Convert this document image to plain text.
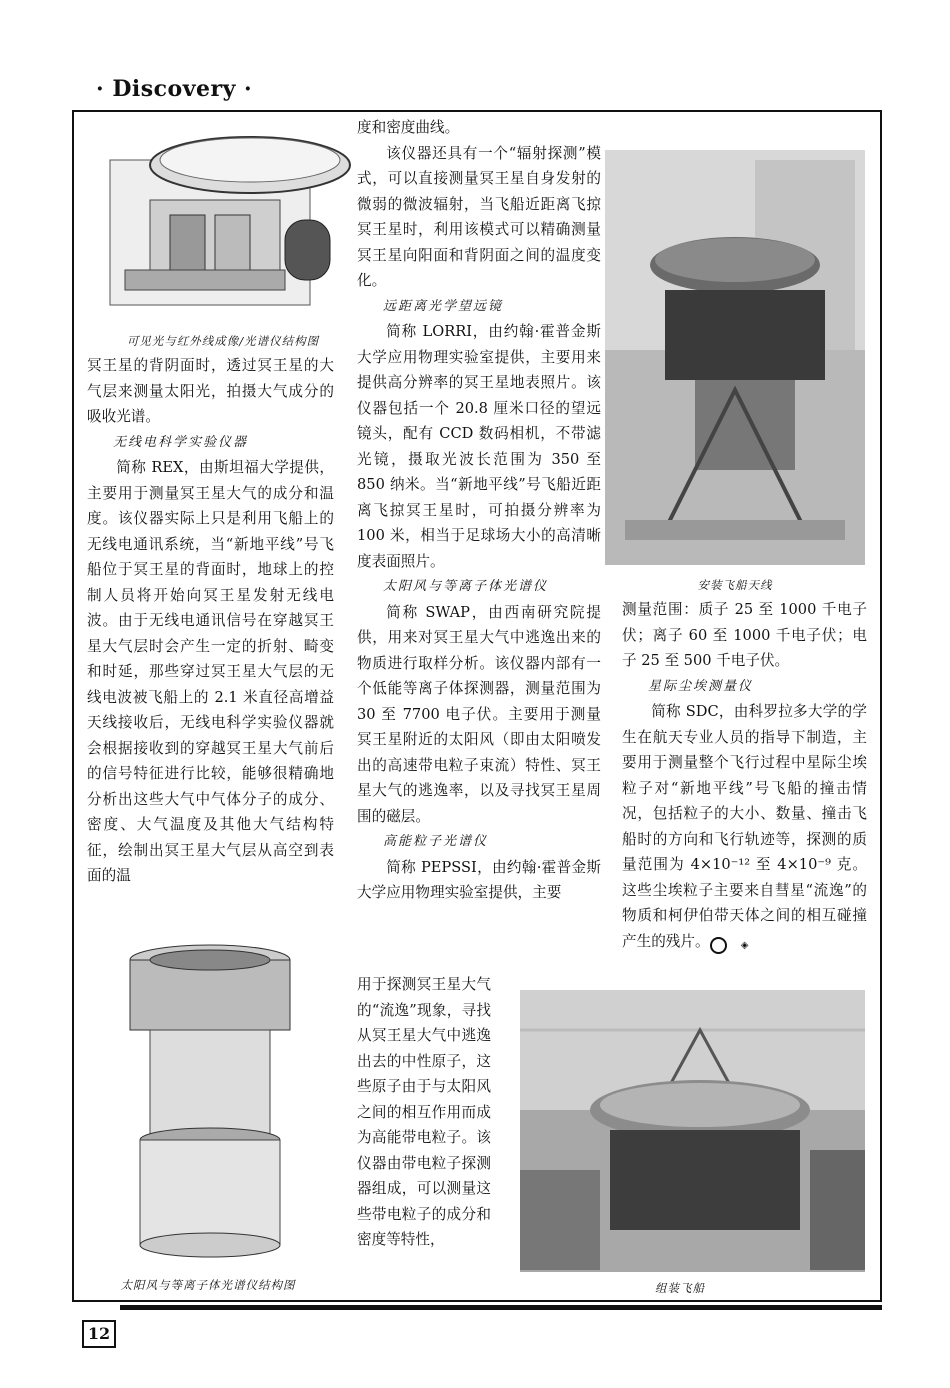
· Discovery ·
可见光与红外线成像/光谱仪结构图

冥王星的背阴面时，透过冥王星的大气层来测量太阳光，拍摄大气成分的吸收光谱。

无线电科学实验仪器

简称 REX，由斯坦福大学提供，主要用于测量冥王星大气的成分和温度。该仪器实际上只是利用飞船上的无线电通讯系统，当“新地平线”号飞船位于冥王星的背面时，地球上的控制人员将开始向冥王星发射无线电波。由于无线电通讯信号在穿越冥王星大气层时会产生一定的折射、畸变和时延，那些穿过冥王星大气层的无线电波被飞船上的 2.1 米直径高增益天线接收后，无线电科学实验仪器就会根据接收到的穿越冥王星大气前后的信号特征进行比较，能够很精确地分析出这些大气中气体分子的成分、密度、大气温度及其他大气结构特征，绘制出冥王星大气层从高空到表面的温

度和密度曲线。

该仪器还具有一个“辐射探测”模式，可以直接测量冥王星自身发射的微弱的微波辐射，当飞船近距离飞掠冥王星时，利用该模式可以精确测量冥王星向阳面和背阴面之间的温度变化。

远距离光学望远镜

简称 LORRI，由约翰·霍普金斯大学应用物理实验室提供，主要用来提供高分辨率的冥王星地表照片。该仪器包括一个 20.8 厘米口径的望远镜头，配有 CCD 数码相机，不带滤光镜，摄取光波长范围为 350 至 850 纳米。当“新地平线”号飞船近距离飞掠冥王星时，可拍摄分辨率为 100 米，相当于足球场大小的高清晰度表面照片。

太阳风与等离子体光谱仪

简称 SWAP，由西南研究院提供，用来对冥王星大气中逃逸出来的物质进行取样分析。该仪器内部有一个低能等离子体探测器，测量范围为 30 至 7700 电子伏。主要用于测量冥王星附近的太阳风（即由太阳喷发出的高速带电粒子束流）特性、冥王星大气的逃逸率，以及寻找冥王星周围的磁层。

高能粒子光谱仪

简称 PEPSSI，由约翰·霍普金斯大学应用物理实验室提供，主要

用于探测冥王星大气的“流逸”现象，寻找从冥王星大气中逃逸出去的中性原子，这些原子由于与太阳风之间的相互作用而成为高能带电粒子。该仪器由带电粒子探测器组成，可以测量这些带电粒子的成分和密度等特性，

安装飞船天线

测量范围：质子 25 至 1000 千电子伏；离子 60 至 1000 千电子伏；电子 25 至 500 千电子伏。

星际尘埃测量仪

简称 SDC，由科罗拉多大学的学生在航天专业人员的指导下制造，主要用于测量整个飞行过程中星际尘埃粒子对“新地平线”号飞船的撞击情况，包括粒子的大小、数量、撞击飞船时的方向和飞行轨迹等，探测的质量范围为 4×10⁻¹² 至 4×10⁻⁹ 克。这些尘埃粒子主要来自彗星“流逸”的物质和柯伊伯带天体之间的相互碰撞产生的残片。	◈

太阳风与等离子体光谱仪结构图	组装飞船
12
